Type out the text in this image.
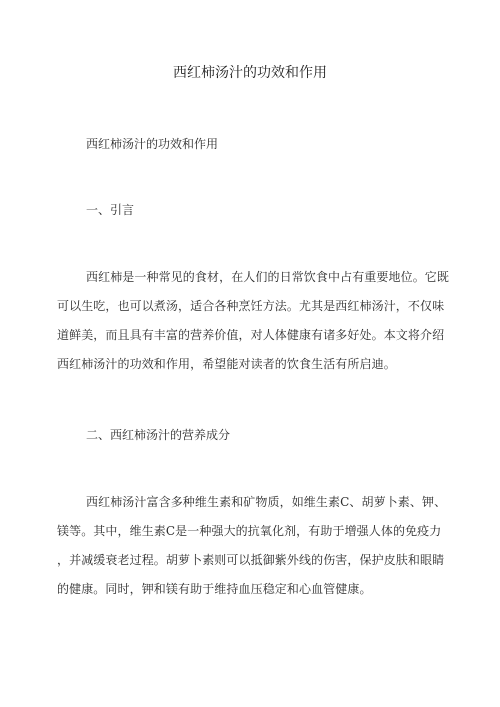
西红柿汤汁的功效和作用
西红柿汤汁的功效和作用
一、引言
西红柿是一种常见的食材，在人们的日常饮食中占有重要地位。它既
可以生吃，也可以煮汤，适合各种烹饪方法。尤其是西红柿汤汁，不仅味
道鲜美，而且具有丰富的营养价值，对人体健康有诸多好处。本文将介绍
西红柿汤汁的功效和作用，希望能对读者的饮食生活有所启迪。
二、西红柿汤汁的营养成分
西红柿汤汁富含多种维生素和矿物质，如维生素C、胡萝卜素、钾、
镁等。其中，维生素C是一种强大的抗氧化剂，有助于增强人体的免疫力
，并减缓衰老过程。胡萝卜素则可以抵御紫外线的伤害，保护皮肤和眼睛
的健康。同时，钾和镁有助于维持血压稳定和心血管健康。
